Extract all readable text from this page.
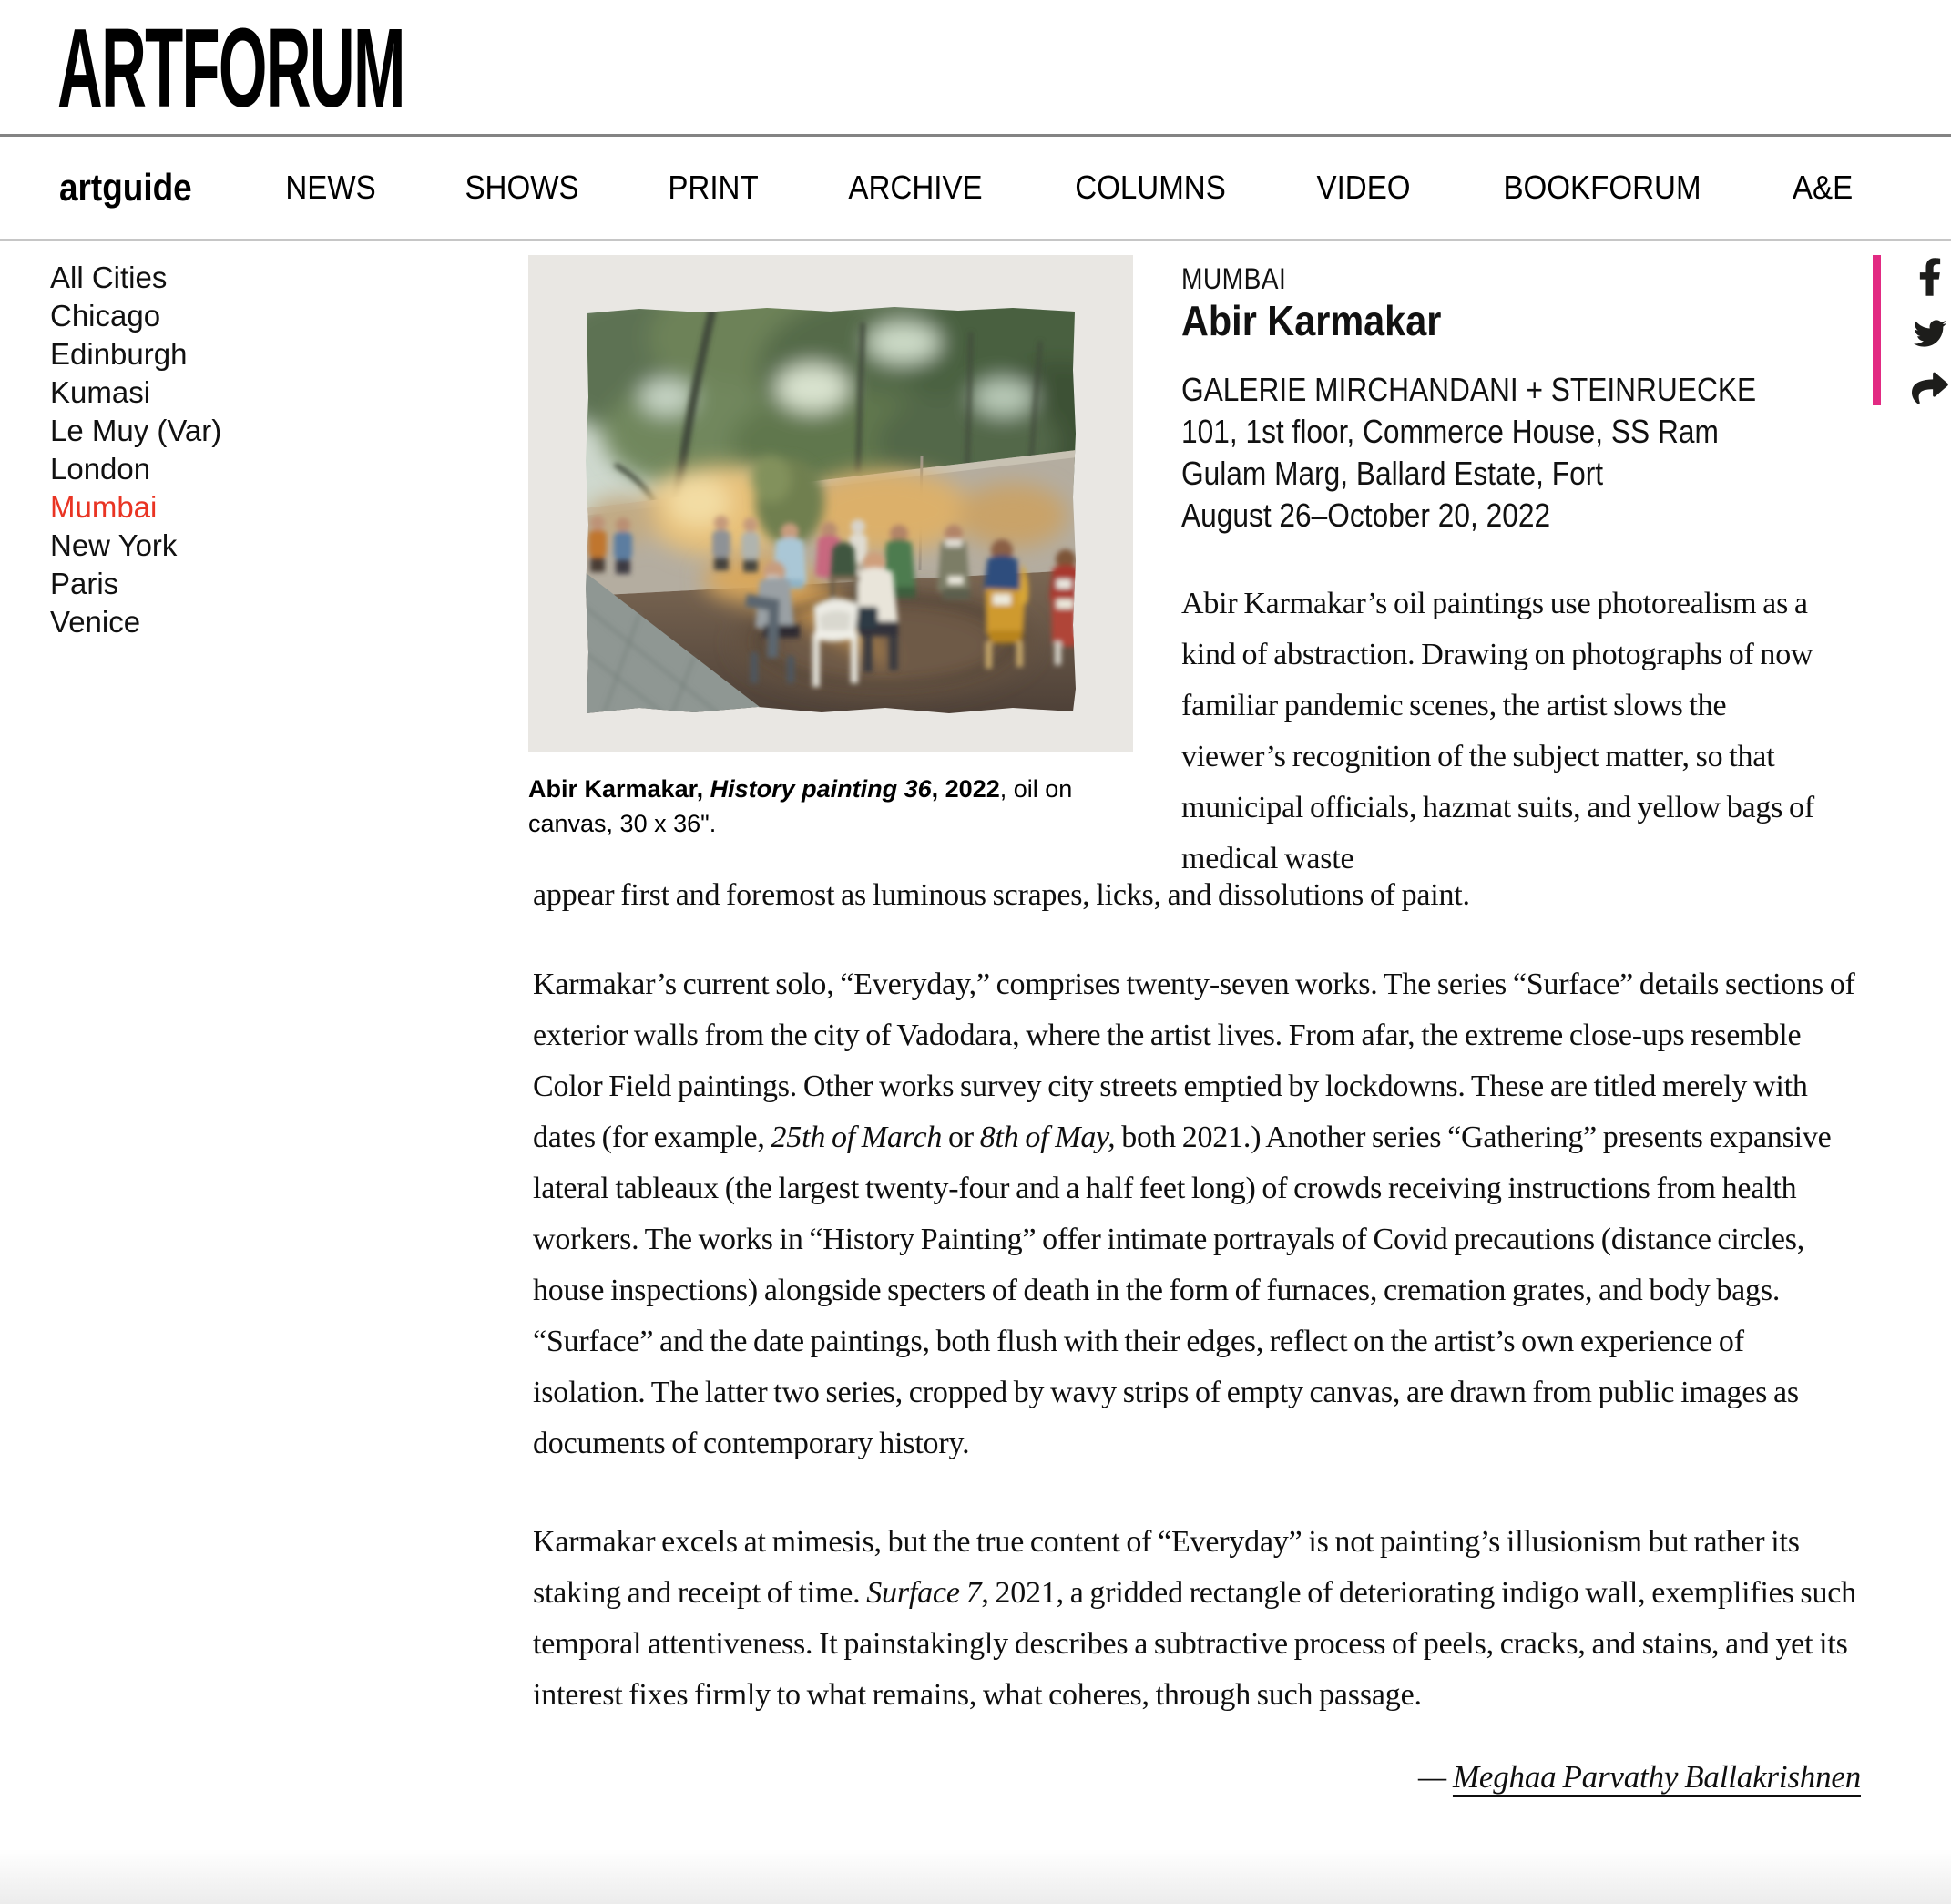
ARTFORUM
artguide	NEWS	SHOWS	PRINT	ARCHIVE	COLUMNS	VIDEO	BOOKFORUM	A&E
All Cities
Chicago
Edinburgh
Kumasi
Le Muy (Var)
London
Mumbai
New York
Paris
Venice
Abir Karmakar, History painting 36, 2022, oil on canvas, 30 x 36".
MUMBAI
Abir Karmakar
GALERIE MIRCHANDANI + STEINRUECKE
101, 1st floor, Commerce House, SS Ram
Gulam Marg, Ballard Estate, Fort
August 26–October 20, 2022
Abir Karmakar’s oil paintings use photorealism as a kind of abstraction. Drawing on photographs of now familiar pandemic scenes, the artist slows the viewer’s recognition of the subject matter, so that municipal officials, hazmat suits, and yellow bags of medical waste

appear first and foremost as luminous scrapes, licks, and dissolutions of paint.

Karmakar’s current solo, “Everyday,” comprises twenty-seven works. The series “Surface” details sections of exterior walls from the city of Vadodara, where the artist lives. From afar, the extreme close-ups resemble Color Field paintings. Other works survey city streets emptied by lockdowns. These are titled merely with dates (for example, 25th of March or 8th of May, both 2021.) Another series “Gathering” presents expansive lateral tableaux (the largest twenty-four and a half feet long) of crowds receiving instructions from health workers. The works in “History Painting” offer intimate portrayals of Covid precautions (distance circles, house inspections) alongside specters of death in the form of furnaces, cremation grates, and body bags. “Surface” and the date paintings, both flush with their edges, reflect on the artist’s own experience of isolation. The latter two series, cropped by wavy strips of empty canvas, are drawn from public images as documents of contemporary history.

Karmakar excels at mimesis, but the true content of “Everyday” is not painting’s illusionism but rather its staking and receipt of time. Surface 7, 2021, a gridded rectangle of deteriorating indigo wall, exemplifies such temporal attentiveness. It painstakingly describes a subtractive process of peels, cracks, and stains, and yet its interest fixes firmly to what remains, what coheres, through such passage.

— Meghaa Parvathy Ballakrishnen
